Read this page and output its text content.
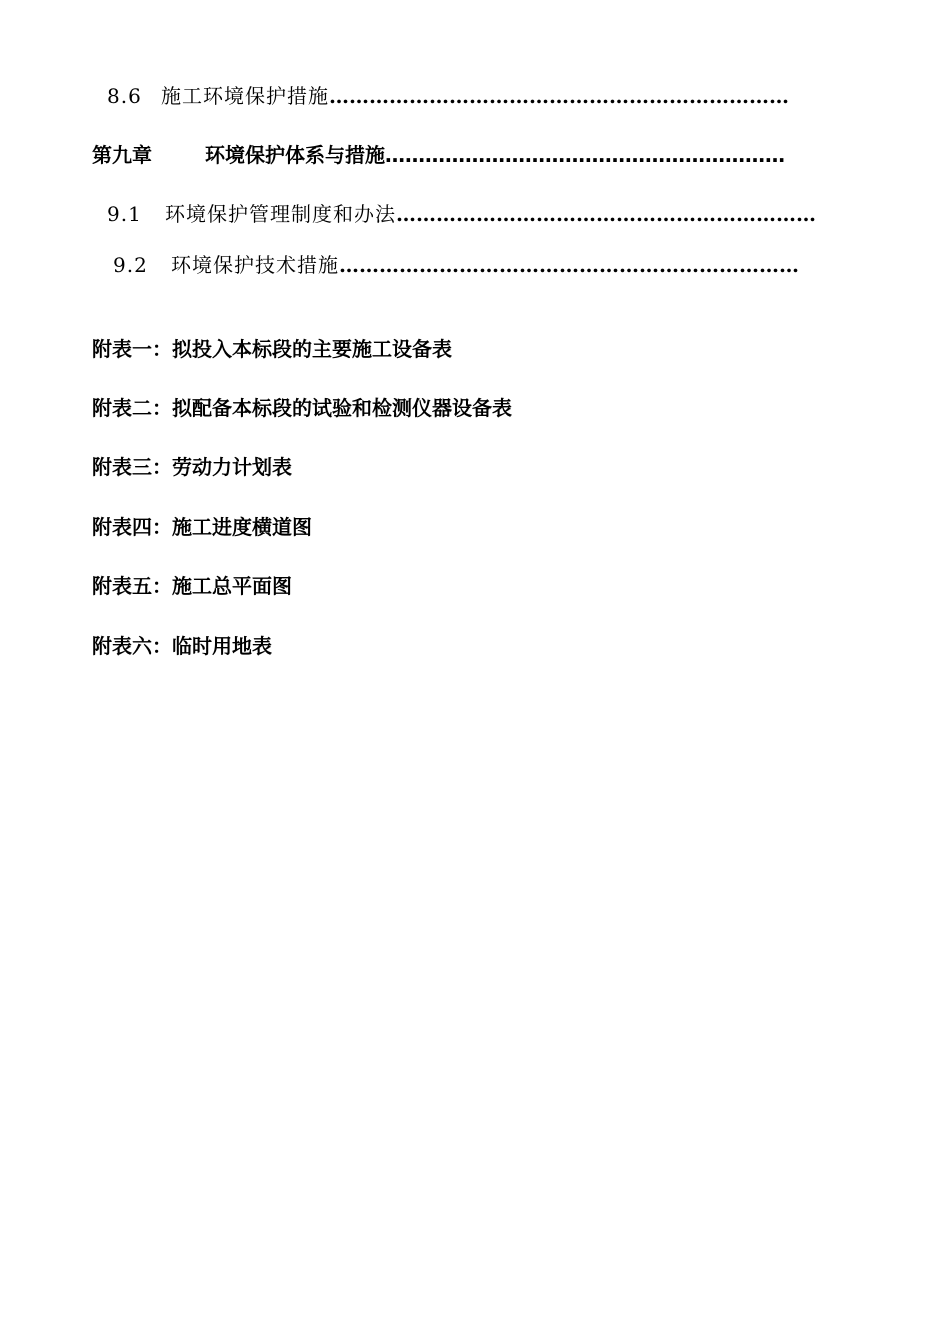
8.6 施工环境保护措施……………………………………………………………
第九章	环境保护体系与措施……………………………………………………
9.1 环境保护管理制度和办法………………………………………………………
9.2 环境保护技术措施……………………………………………………………
附表一：拟投入本标段的主要施工设备表
附表二：拟配备本标段的试验和检测仪器设备表
附表三：劳动力计划表
附表四：施工进度横道图
附表五：施工总平面图
附表六：临时用地表
